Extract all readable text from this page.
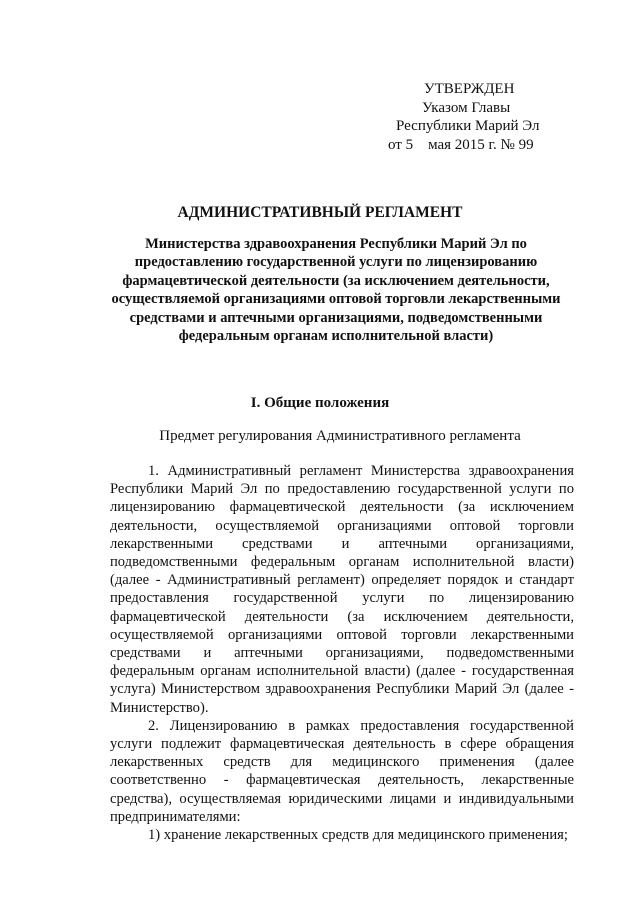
УТВЕРЖДЕН
Указом Главы
Республики Марий Эл
от 5    мая 2015 г. № 99
АДМИНИСТРАТИВНЫЙ РЕГЛАМЕНТ
Министерства здравоохранения Республики Марий Эл по предоставлению государственной услуги по лицензированию фармацевтической деятельности (за исключением деятельности, осуществляемой организациями оптовой торговли лекарственными средствами и аптечными организациями, подведомственными федеральным органам исполнительной власти)
I. Общие положения
Предмет регулирования Административного регламента

1. Административный регламент Министерства здравоохранения Республики Марий Эл по предоставлению государственной услуги по лицензированию фармацевтической деятельности (за исключением деятельности, осуществляемой организациями оптовой торговли лекарственными средствами и аптечными организациями, подведомственными федеральным органам исполнительной власти) (далее - Административный регламент) определяет порядок и стандарт предоставления государственной услуги по лицензированию фармацевтической деятельности (за исключением деятельности, осуществляемой организациями оптовой торговли лекарственными средствами и аптечными организациями, подведомственными федеральным органам исполнительной власти) (далее - государственная услуга) Министерством здравоохранения Республики Марий Эл (далее - Министерство).

2. Лицензированию в рамках предоставления государственной услуги подлежит фармацевтическая деятельность в сфере обращения лекарственных средств для медицинского применения (далее соответственно - фармацевтическая деятельность, лекарственные средства), осуществляемая юридическими лицами и индивидуальными предпринимателями:

1) хранение лекарственных средств для медицинского применения;
